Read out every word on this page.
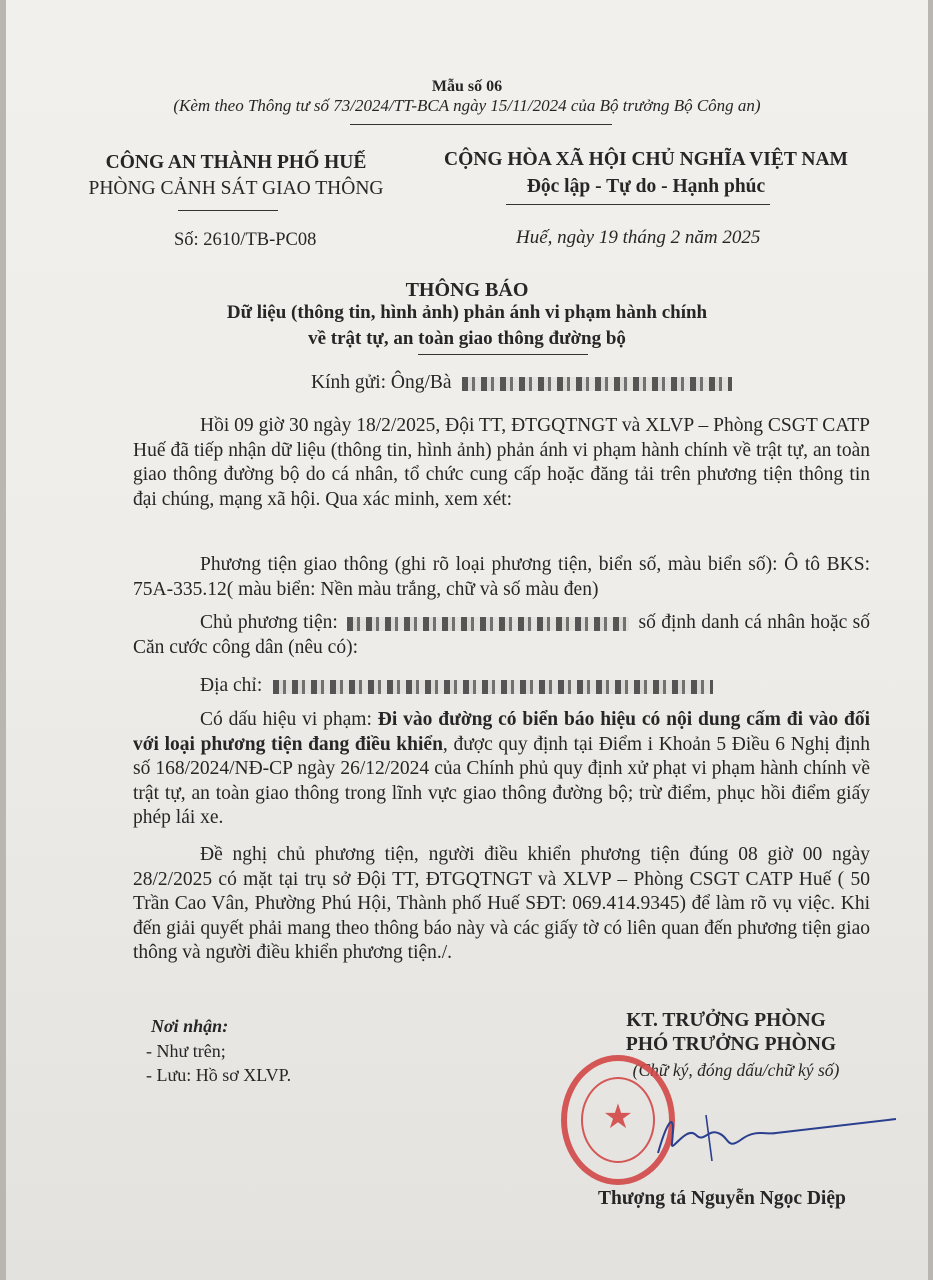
Mẫu số 06
(Kèm theo Thông tư số 73/2024/TT-BCA ngày 15/11/2024 của Bộ trưởng Bộ Công an)
CÔNG AN THÀNH PHỐ HUẾ
PHÒNG CẢNH SÁT GIAO THÔNG
Số: 2610/TB-PC08
CỘNG HÒA XÃ HỘI CHỦ NGHĨA VIỆT NAM
Độc lập - Tự do - Hạnh phúc
Huế, ngày 19 tháng 2 năm 2025
THÔNG BÁO
Dữ liệu (thông tin, hình ảnh) phản ánh vi phạm hành chính
về trật tự, an toàn giao thông đường bộ
Kính gửi: Ông/Bà
Hồi 09 giờ 30 ngày 18/2/2025, Đội TT, ĐTGQTNGT và XLVP – Phòng CSGT CATP Huế đã tiếp nhận dữ liệu (thông tin, hình ảnh) phản ánh vi phạm hành chính về trật tự, an toàn giao thông đường bộ do cá nhân, tổ chức cung cấp hoặc đăng tải trên phương tiện thông tin đại chúng, mạng xã hội. Qua xác minh, xem xét:
Phương tiện giao thông (ghi rõ loại phương tiện, biển số, màu biển số): Ô tô BKS: 75A-335.12( màu biển: Nền màu trắng, chữ và số màu đen)
Chủ phương tiện:	số định danh cá nhân hoặc số Căn cước công dân (nêu có):
Địa chỉ:
Có dấu hiệu vi phạm: Đi vào đường có biển báo hiệu có nội dung cấm đi vào đối với loại phương tiện đang điều khiển, được quy định tại Điểm i Khoản 5 Điều 6 Nghị định số 168/2024/NĐ-CP ngày 26/12/2024 của Chính phủ quy định xử phạt vi phạm hành chính về trật tự, an toàn giao thông trong lĩnh vực giao thông đường bộ; trừ điểm, phục hồi điểm giấy phép lái xe.
Đề nghị chủ phương tiện, người điều khiển phương tiện đúng 08 giờ 00 ngày 28/2/2025 có mặt tại trụ sở Đội TT, ĐTGQTNGT và XLVP – Phòng CSGT CATP Huế ( 50 Trần Cao Vân, Phường Phú Hội, Thành phố Huế SĐT: 069.414.9345) để làm rõ vụ việc. Khi đến giải quyết phải mang theo thông báo này và các giấy tờ có liên quan đến phương tiện giao thông và người điều khiển phương tiện./.
Nơi nhận:
- Như trên;
- Lưu: Hồ sơ XLVP.
KT. TRƯỞNG PHÒNG
PHÓ TRƯỞNG PHÒNG
(Chữ ký, đóng dấu/chữ ký số)
★
Thượng tá Nguyễn Ngọc Diệp
